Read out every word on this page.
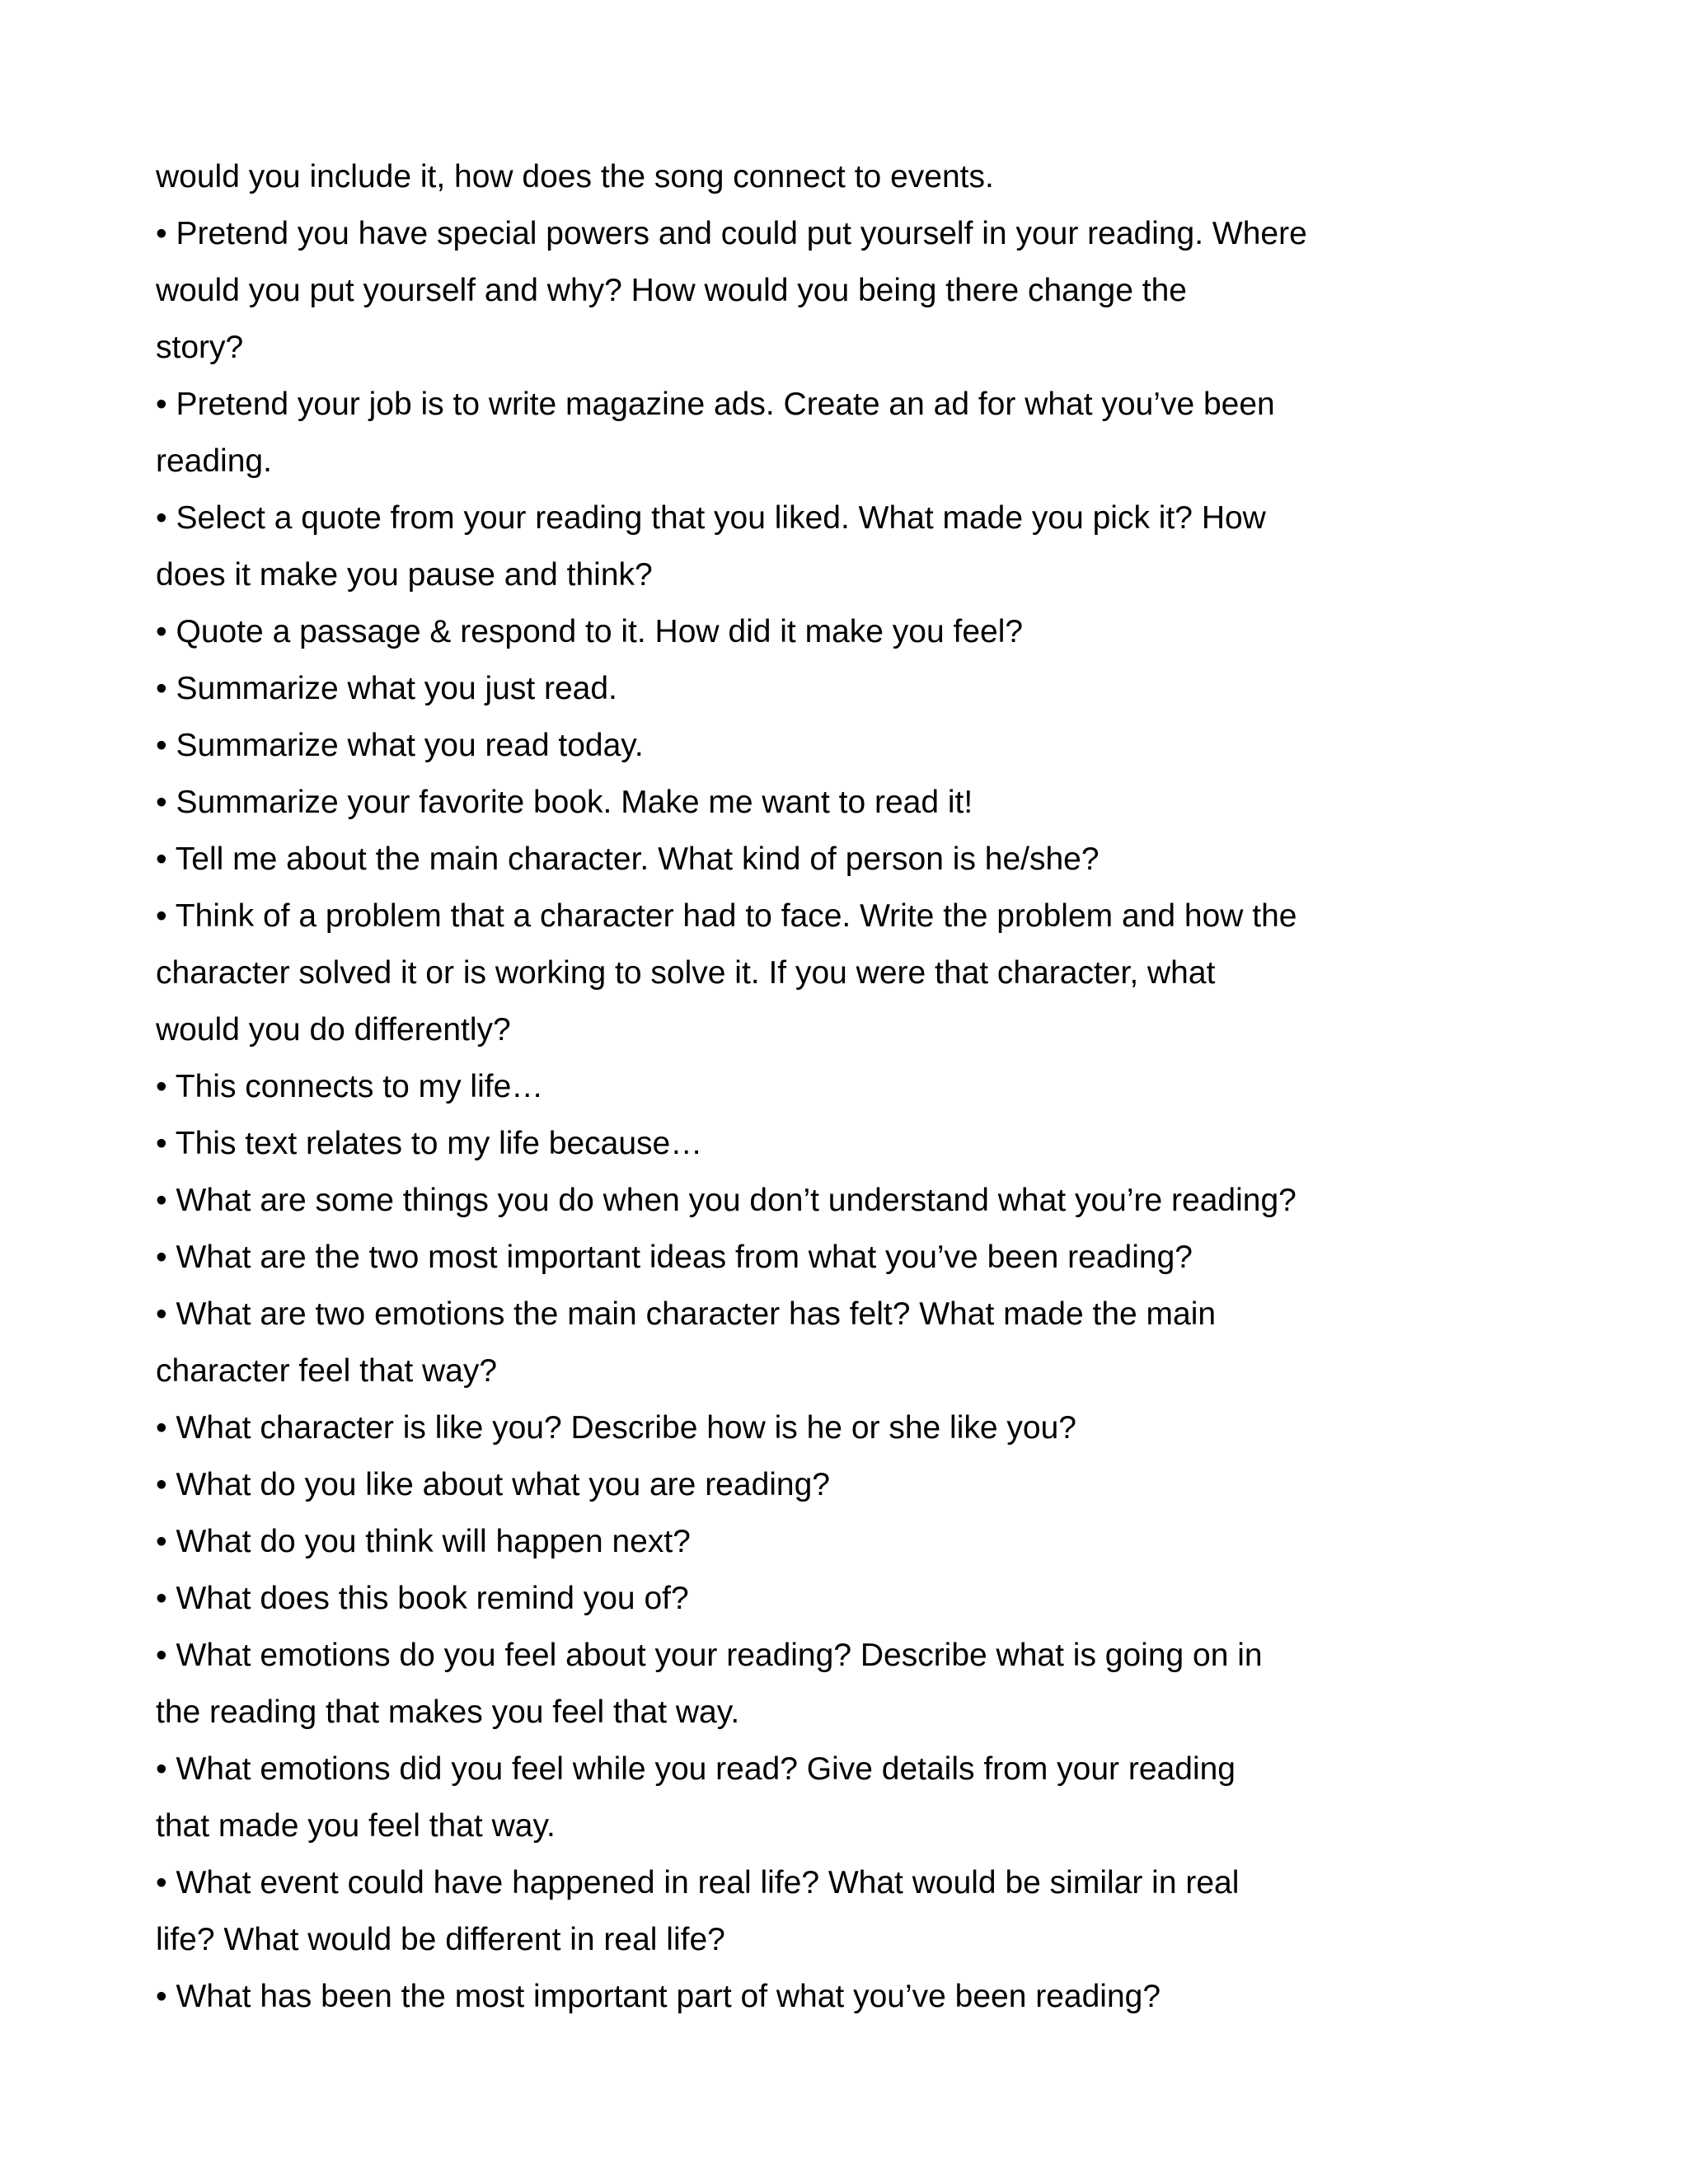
would you include it, how does the song connect to events.
• Pretend you have special powers and could put yourself in your reading. Where
would you put yourself and why? How would you being there change the
story?
• Pretend your job is to write magazine ads. Create an ad for what you’ve been
reading.
• Select a quote from your reading that you liked. What made you pick it? How
does it make you pause and think?
• Quote a passage & respond to it. How did it make you feel?
• Summarize what you just read.
• Summarize what you read today.
• Summarize your favorite book. Make me want to read it!
• Tell me about the main character. What kind of person is he/she?
• Think of a problem that a character had to face. Write the problem and how the
character solved it or is working to solve it. If you were that character, what
would you do differently?
• This connects to my life…
• This text relates to my life because…
• What are some things you do when you don’t understand what you’re reading?
• What are the two most important ideas from what you’ve been reading?
• What are two emotions the main character has felt? What made the main
character feel that way?
• What character is like you? Describe how is he or she like you?
• What do you like about what you are reading?
• What do you think will happen next?
• What does this book remind you of?
• What emotions do you feel about your reading? Describe what is going on in
the reading that makes you feel that way.
• What emotions did you feel while you read? Give details from your reading
that made you feel that way.
• What event could have happened in real life? What would be similar in real
life? What would be different in real life?
• What has been the most important part of what you’ve been reading?
